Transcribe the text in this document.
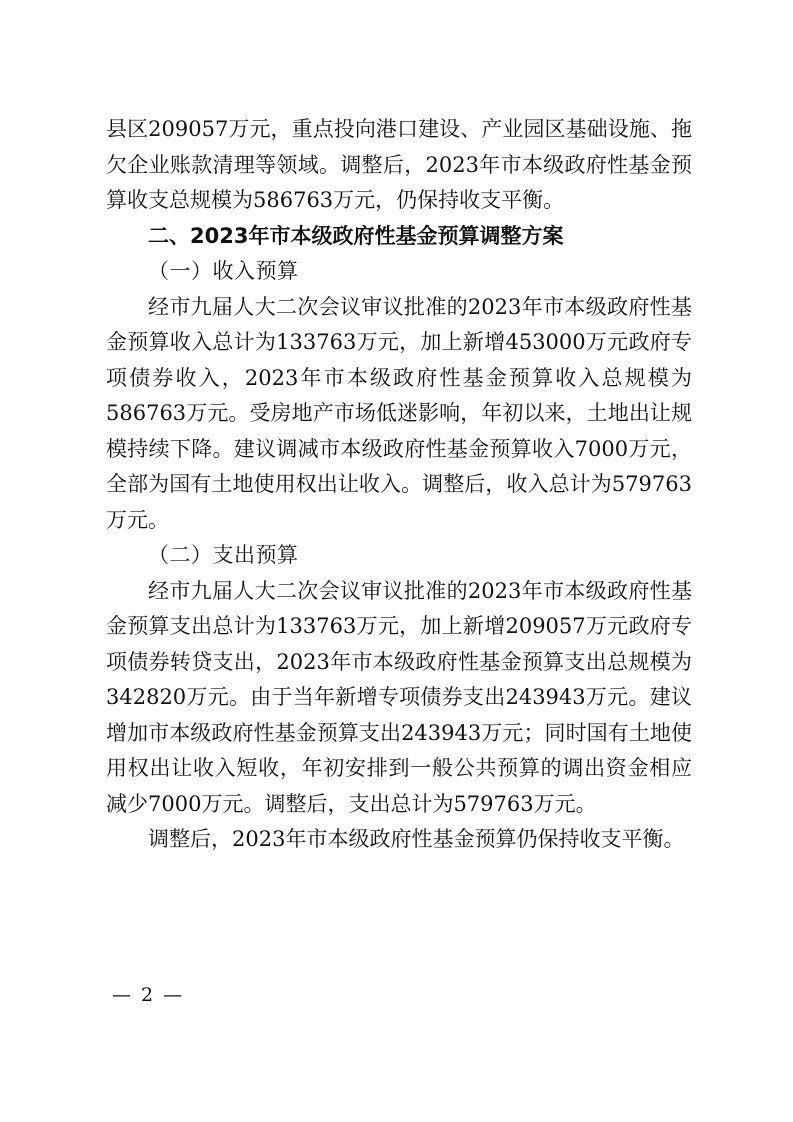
县区209057万元，重点投向港口建设、产业园区基础设施、拖欠企业账款清理等领域。调整后，2023年市本级政府性基金预算收支总规模为586763万元，仍保持收支平衡。

二、2023年市本级政府性基金预算调整方案

（一）收入预算

经市九届人大二次会议审议批准的2023年市本级政府性基金预算收入总计为133763万元，加上新增453000万元政府专项债券收入，2023年市本级政府性基金预算收入总规模为586763万元。受房地产市场低迷影响，年初以来，土地出让规模持续下降。建议调减市本级政府性基金预算收入7000万元，全部为国有土地使用权出让收入。调整后，收入总计为579763万元。

（二）支出预算

经市九届人大二次会议审议批准的2023年市本级政府性基金预算支出总计为133763万元，加上新增209057万元政府专项债券转贷支出，2023年市本级政府性基金预算支出总规模为342820万元。由于当年新增专项债券支出243943万元。建议增加市本级政府性基金预算支出243943万元；同时国有土地使用权出让收入短收，年初安排到一般公共预算的调出资金相应减少7000万元。调整后，支出总计为579763万元。

调整后，2023年市本级政府性基金预算仍保持收支平衡。

— 2 —
